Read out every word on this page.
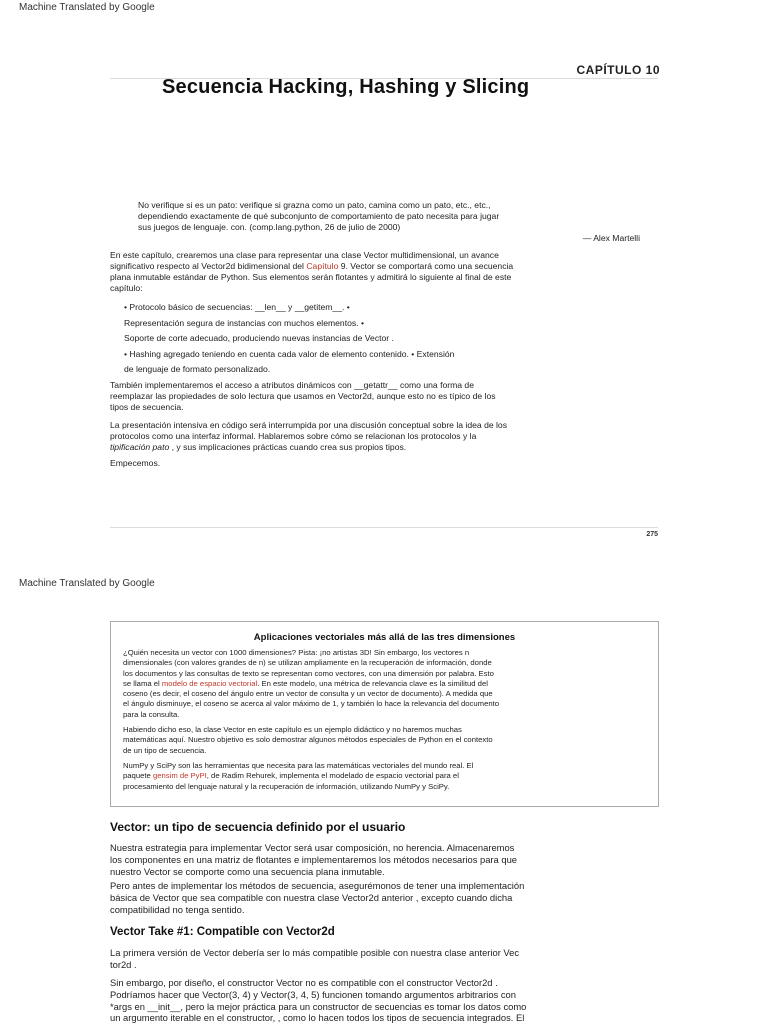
Machine Translated by Google
CAPÍTULO 10
Secuencia Hacking, Hashing y Slicing
No verifique si es un pato: verifique si grazna como un pato, camina como un pato, etc., etc.,
dependiendo exactamente de qué subconjunto de comportamiento de pato necesita para jugar
sus juegos de lenguaje. con. (comp.lang.python, 26 de julio de 2000)
— Alex Martelli
En este capítulo, crearemos una clase para representar una clase Vector multidimensional, un avance
significativo respecto al Vector2d bidimensional del Capítulo 9. Vector se comportará como una secuencia
plana inmutable estándar de Python. Sus elementos serán flotantes y admitirá lo siguiente al final de este
capítulo:
• Protocolo básico de secuencias: __len__ y __getitem__. •
Representación segura de instancias con muchos elementos. •
Soporte de corte adecuado, produciendo nuevas instancias de Vector .
• Hashing agregado teniendo en cuenta cada valor de elemento contenido. • Extensión
de lenguaje de formato personalizado.
También implementaremos el acceso a atributos dinámicos con __getattr__ como una forma de
reemplazar las propiedades de solo lectura que usamos en Vector2d, aunque esto no es típico de los
tipos de secuencia.
La presentación intensiva en código será interrumpida por una discusión conceptual sobre la idea de los
protocolos como una interfaz informal. Hablaremos sobre cómo se relacionan los protocolos y la
tipificación pato , y sus implicaciones prácticas cuando crea sus propios tipos.
Empecemos.
275
Machine Translated by Google
Aplicaciones vectoriales más allá de las tres dimensiones

¿Quién necesita un vector con 1000 dimensiones? Pista: ¡no artistas 3D! Sin embargo, los vectores n
dimensionales (con valores grandes de n) se utilizan ampliamente en la recuperación de información, donde
los documentos y las consultas de texto se representan como vectores, con una dimensión por palabra. Esto
se llama el modelo de espacio vectorial. En este modelo, una métrica de relevancia clave es la similitud del
coseno (es decir, el coseno del ángulo entre un vector de consulta y un vector de documento). A medida que
el ángulo disminuye, el coseno se acerca al valor máximo de 1, y también lo hace la relevancia del documento
para la consulta.

Habiendo dicho eso, la clase Vector en este capítulo es un ejemplo didáctico y no haremos muchas
matemáticas aquí. Nuestro objetivo es solo demostrar algunos métodos especiales de Python en el contexto
de un tipo de secuencia.

NumPy y SciPy son las herramientas que necesita para las matemáticas vectoriales del mundo real. El
paquete gensim de PyPI, de Radim Rehurek, implementa el modelado de espacio vectorial para el
procesamiento del lenguaje natural y la recuperación de información, utilizando NumPy y SciPy.

Vector: un tipo de secuencia definido por el usuario
Nuestra estrategia para implementar Vector será usar composición, no herencia. Almacenaremos
los componentes en una matriz de flotantes e implementaremos los métodos necesarios para que
nuestro Vector se comporte como una secuencia plana inmutable.
Pero antes de implementar los métodos de secuencia, asegurémonos de tener una implementación
básica de Vector que sea compatible con nuestra clase Vector2d anterior , excepto cuando dicha
compatibilidad no tenga sentido.
Vector Take #1: Compatible con Vector2d
La primera versión de Vector debería ser lo más compatible posible con nuestra clase anterior Vec
tor2d .
Sin embargo, por diseño, el constructor Vector no es compatible con el constructor Vector2d .
Podríamos hacer que Vector(3, 4) y Vector(3, 4, 5) funcionen tomando argumentos arbitrarios con
*args en __init__, pero la mejor práctica para un constructor de secuencias es tomar los datos como
un argumento iterable en el constructor, , como lo hacen todos los tipos de secuencia integrados. El
